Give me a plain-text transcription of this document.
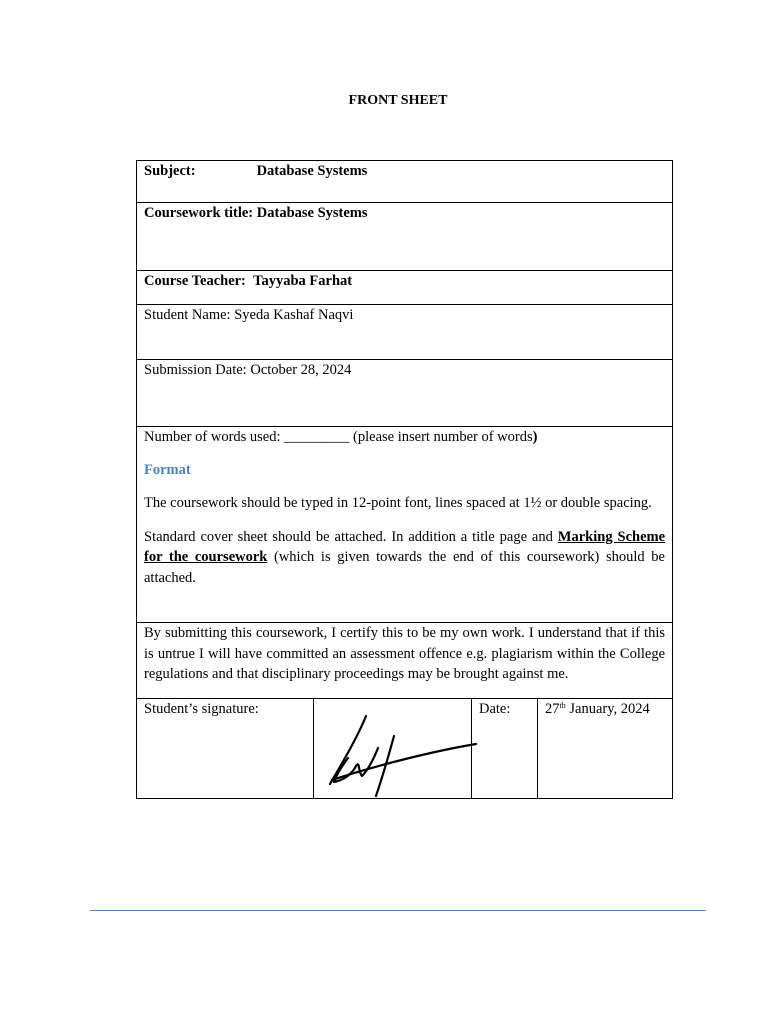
FRONT SHEET
Subject:	Database Systems
Coursework title: Database Systems
Course Teacher: Tayyaba Farhat
Student Name: Syeda Kashaf Naqvi
Submission Date: October 28, 2024

Number of words used: _________ (please insert number of words)

Format

The coursework should be typed in 12-point font, lines spaced at 1½ or double spacing.

Standard cover sheet should be attached. In addition a title page and Marking Scheme for the coursework (which is given towards the end of this coursework) should be attached.

By submitting this coursework, I certify this to be my own work. I understand that if this is untrue I will have committed an assessment offence e.g. plagiarism within the College regulations and that disciplinary proceedings may be brought against me.
Student’s signature:		Date:	27th January, 2024
